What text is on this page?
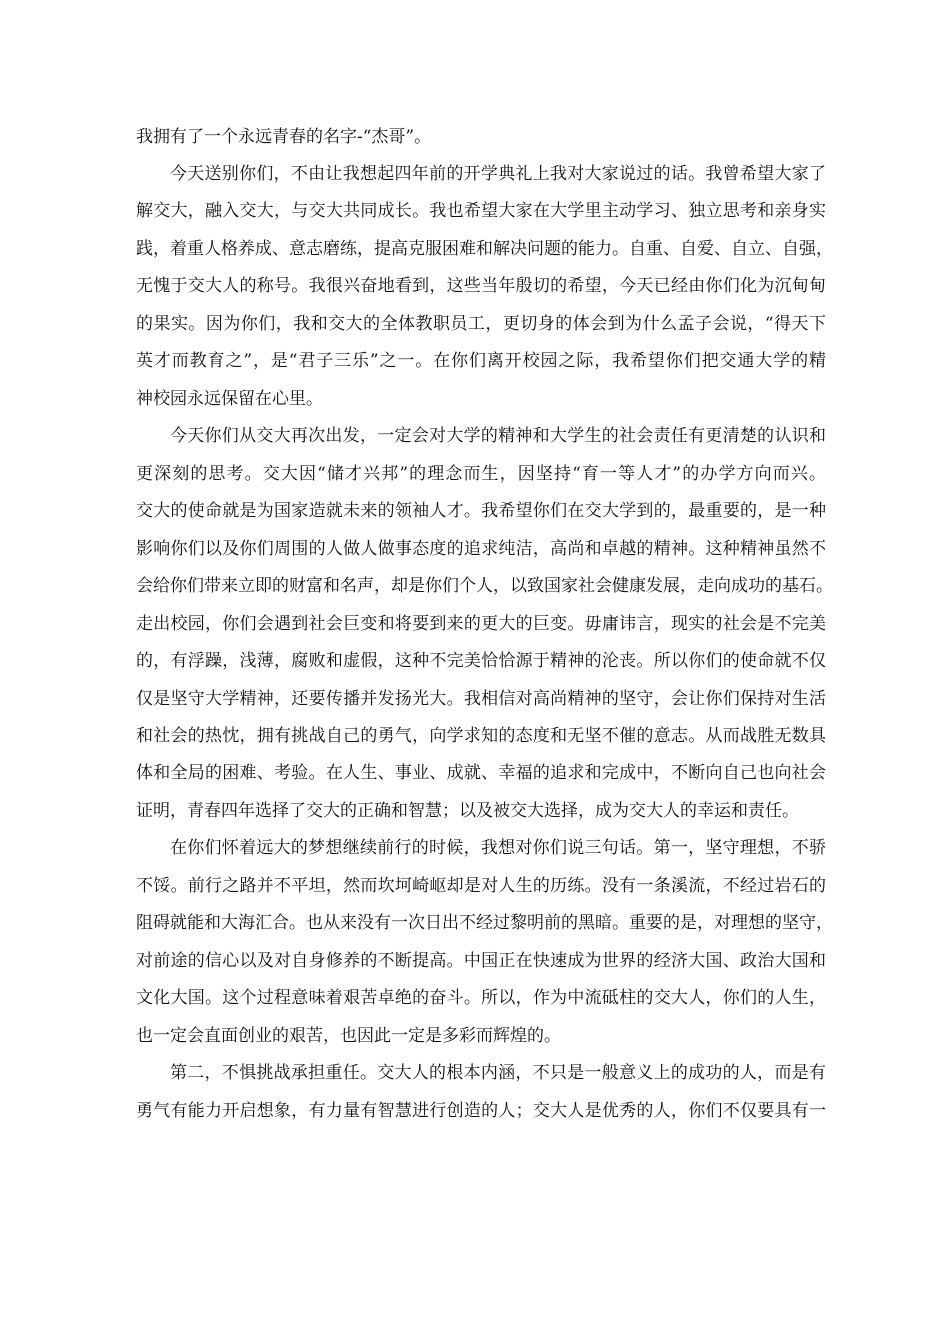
我拥有了一个永远青春的名字-“杰哥”。
今天送别你们，不由让我想起四年前的开学典礼上我对大家说过的话。我曾希望大家了
解交大，融入交大，与交大共同成长。我也希望大家在大学里主动学习、独立思考和亲身实
践，着重人格养成、意志磨练，提高克服困难和解决问题的能力。自重、自爱、自立、自强，
无愧于交大人的称号。我很兴奋地看到，这些当年殷切的希望，今天已经由你们化为沉甸甸
的果实。因为你们，我和交大的全体教职员工，更切身的体会到为什么孟子会说，“得天下
英才而教育之”，是“君子三乐”之一。在你们离开校园之际，我希望你们把交通大学的精
神校园永远保留在心里。
今天你们从交大再次出发，一定会对大学的精神和大学生的社会责任有更清楚的认识和
更深刻的思考。交大因“储才兴邦”的理念而生，因坚持“育一等人才”的办学方向而兴。
交大的使命就是为国家造就未来的领袖人才。我希望你们在交大学到的，最重要的，是一种
影响你们以及你们周围的人做人做事态度的追求纯洁，高尚和卓越的精神。这种精神虽然不
会给你们带来立即的财富和名声，却是你们个人，以致国家社会健康发展，走向成功的基石。
走出校园，你们会遇到社会巨变和将要到来的更大的巨变。毋庸讳言，现实的社会是不完美
的，有浮躁，浅薄，腐败和虚假，这种不完美恰恰源于精神的沦丧。所以你们的使命就不仅
仅是坚守大学精神，还要传播并发扬光大。我相信对高尚精神的坚守，会让你们保持对生活
和社会的热忱，拥有挑战自己的勇气，向学求知的态度和无坚不催的意志。从而战胜无数具
体和全局的困难、考验。在人生、事业、成就、幸福的追求和完成中，不断向自己也向社会
证明，青春四年选择了交大的正确和智慧；以及被交大选择，成为交大人的幸运和责任。
在你们怀着远大的梦想继续前行的时候，我想对你们说三句话。第一，坚守理想，不骄
不馁。前行之路并不平坦，然而坎坷崎岖却是对人生的历练。没有一条溪流，不经过岩石的
阻碍就能和大海汇合。也从来没有一次日出不经过黎明前的黑暗。重要的是，对理想的坚守，
对前途的信心以及对自身修养的不断提高。中国正在快速成为世界的经济大国、政治大国和
文化大国。这个过程意味着艰苦卓绝的奋斗。所以，作为中流砥柱的交大人，你们的人生，
也一定会直面创业的艰苦，也因此一定是多彩而辉煌的。
第二，不惧挑战承担重任。交大人的根本内涵，不只是一般意义上的成功的人，而是有
勇气有能力开启想象，有力量有智慧进行创造的人；交大人是优秀的人，你们不仅要具有一
